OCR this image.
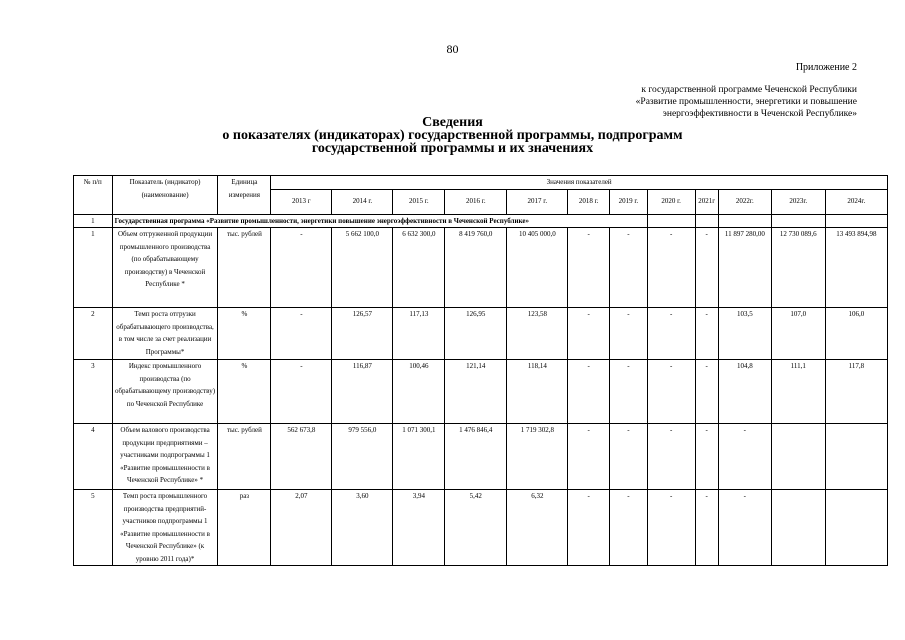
80
Приложение 2
к государственной программе Чеченской Республики
«Развитие промышленности, энергетики и повышение
энергоэффективности в Чеченской Республике»
Сведения
о показателях (индикаторах) государственной программы, подпрограмм
государственной программы и их значениях
№ п/п	Показатель (индикатор) (наименование)	Единица измерения	Значения показателей											
			2013 г	2014 г.	2015 г.	2016 г.	2017 г.	2018 г.	2019 г.	2020 г.	2021г	2022г.	2023г.	2024г.
1	Государственная программа «Развитие промышленности, энергетики повышение энергоэффективности в Чеченской Республике»													
1	Объем отгруженной продукции промышленного производства (по обрабатывающему производству) в Чеченской Республике *	тыс. рублей	-	5 662 100,0	6 632 300,0	8 419 760,0	10 405 000,0	-	-	-	-	11 897 280,00	12 730 089,6	13 493 894,98
2	Темп роста отгрузки обрабатывающего производства, в том числе за счет реализации Программы*	%	-	126,57	117,13	126,95	123,58	-	-	-	-	103,5	107,0	106,0
3	Индекс промышленного производства (по обрабатывающему производству) по Чеченской Республике	%	-	116,87	100,46	121,14	118,14	-	-	-	-	104,8	111,1	117,8
4	Объем валового производства продукции предприятиями – участниками подпрограммы 1 «Развитие промышленности в Чеченской Республике» *	тыс. рублей	562 673,8	979 556,0	1 071 300,1	1 476 846,4	1 719 302,8	-	-	-	-	-		
5	Темп роста промышленного производства предприятий-участников подпрограммы 1 «Развитие промышленности в Чеченской Республике» (к уровню 2011 года)*	раз	2,07	3,60	3,94	5,42	6,32	-	-	-	-	-		
